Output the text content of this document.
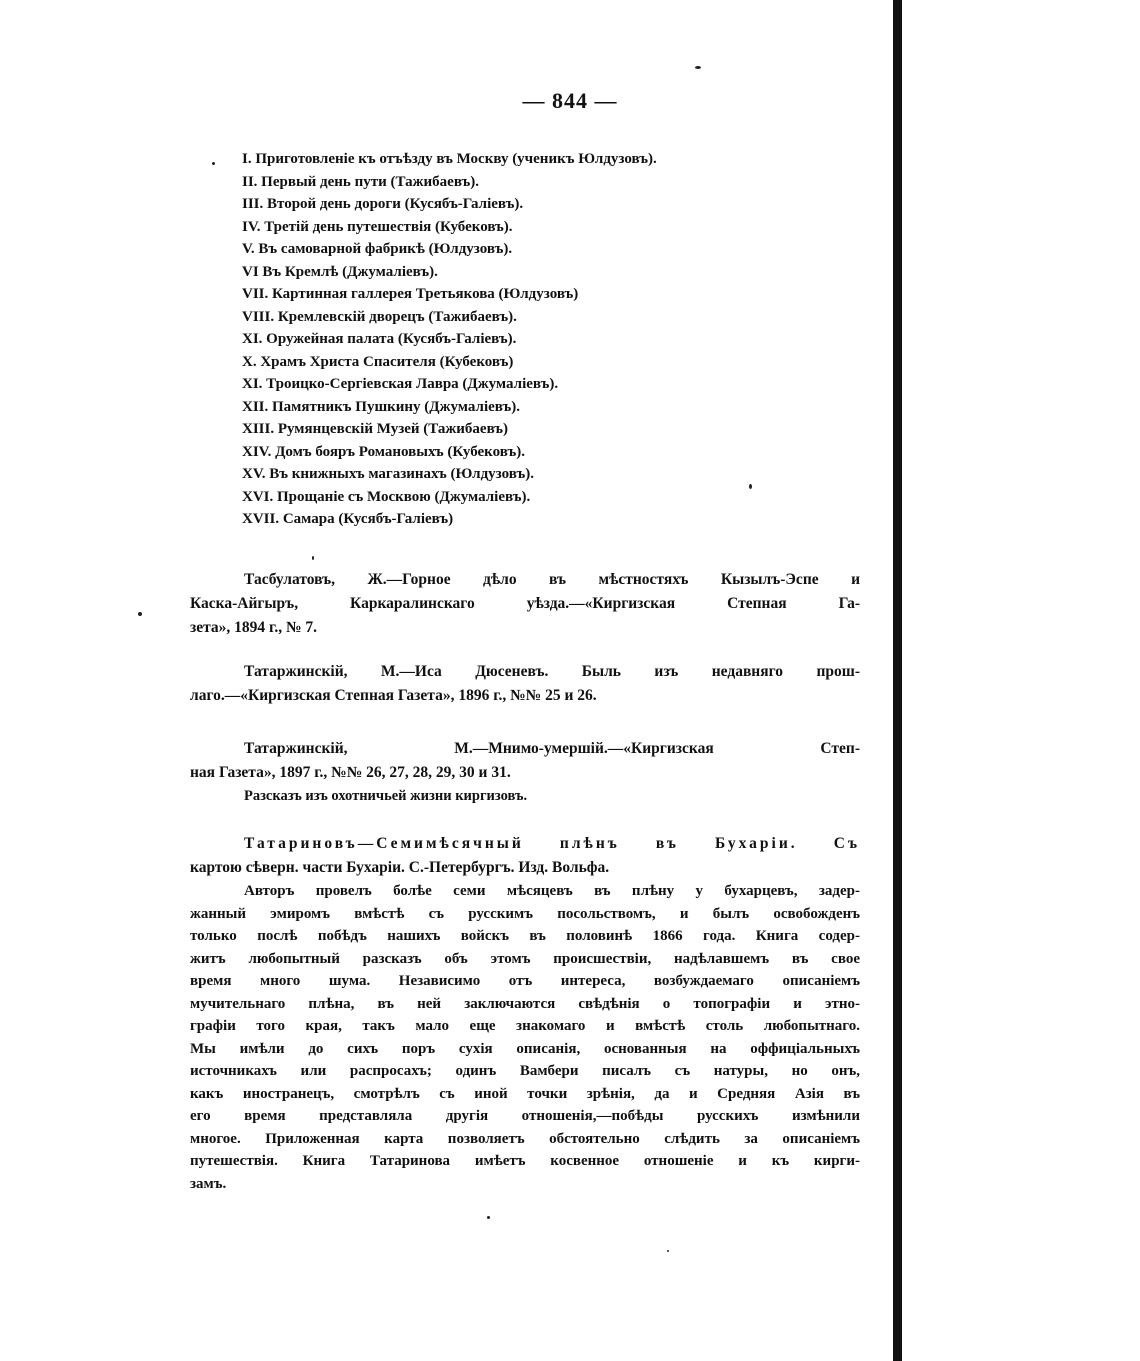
— 844 —
I. Приготовленіе къ отъѣзду въ Москву (ученикъ Юлдузовъ).
II. Первый день пути (Тажибаевъ).
III. Второй день дороги (Кусябъ-Галіевъ).
IV. Третій день путешествія (Кубековъ).
V. Въ самоварной фабрикѣ (Юлдузовъ).
VI Въ Кремлѣ (Джумаліевъ).
VII. Картинная галлерея Третьякова (Юлдузовъ)
VIII. Кремлевскій дворецъ (Тажибаевъ).
XI. Оружейная палата (Кусябъ-Галіевъ).
X. Храмъ Христа Спасителя (Кубековъ)
XI. Троицко-Сергіевская Лавра (Джумаліевъ).
XII. Памятникъ Пушкину (Джумаліевъ).
XIII. Румянцевскій Музей (Тажибаевъ)
XIV. Домъ бояръ Романовыхъ (Кубековъ).
XV. Въ книжныхъ магазинахъ (Юлдузовъ).
XVI. Прощаніе съ Москвою (Джумаліевъ).
XVII. Самара (Кусябъ-Галіевъ)
Тасбулатовъ, Ж.—Горное дѣло въ мѣстностяхъ Кызылъ-Эспе и
Каска-Айгыръ, Каркаралинскаго уѣзда.—«Киргизская Степная Га-
зета», 1894 г., № 7.
Татаржинскій, М.—Иса Дюсеневъ. Быль изъ недавняго прош-
лаго.—«Киргизская Степная Газета», 1896 г., №№ 25 и 26.
Татаржинскій, М.—Мнимо-умершій.—«Киргизская Степ-
ная Газета», 1897 г., №№ 26, 27, 28, 29, 30 и 31.
Разсказъ изъ охотничьей жизни киргизовъ.
Татариновъ—Семимѣсячный плѣнъ въ Бухаріи. Съ
картою сѣверн. части Бухаріи. С.-Петербургъ. Изд. Вольфа.
Авторъ провелъ болѣе семи мѣсяцевъ въ плѣну у бухарцевъ, задер-
жанный эмиромъ вмѣстѣ съ русскимъ посольствомъ, и былъ освобожденъ
только послѣ побѣдъ нашихъ войскъ въ половинѣ 1866 года. Книга содер-
житъ любопытный разсказъ объ этомъ происшествіи, надѣлавшемъ въ свое
время много шума. Независимо отъ интереса, возбуждаемаго описаніемъ
мучительнаго плѣна, въ ней заключаются свѣдѣнія о топографіи и этно-
графіи того края, такъ мало еще знакомаго и вмѣстѣ столь любопытнаго.
Мы имѣли до сихъ поръ сухія описанія, основанныя на оффиціальныхъ
источникахъ или распросахъ; одинъ Вамбери писалъ съ натуры, но онъ,
какъ иностранецъ, смотрѣлъ съ иной точки зрѣнія, да и Средняя Азія въ
его время представляла другія отношенія,—побѣды русскихъ измѣнили
многое. Приложенная карта позволяетъ обстоятельно слѣдить за описаніемъ
путешествія. Книга Татаринова имѣетъ косвенное отношеніе и къ кирги-
замъ.
